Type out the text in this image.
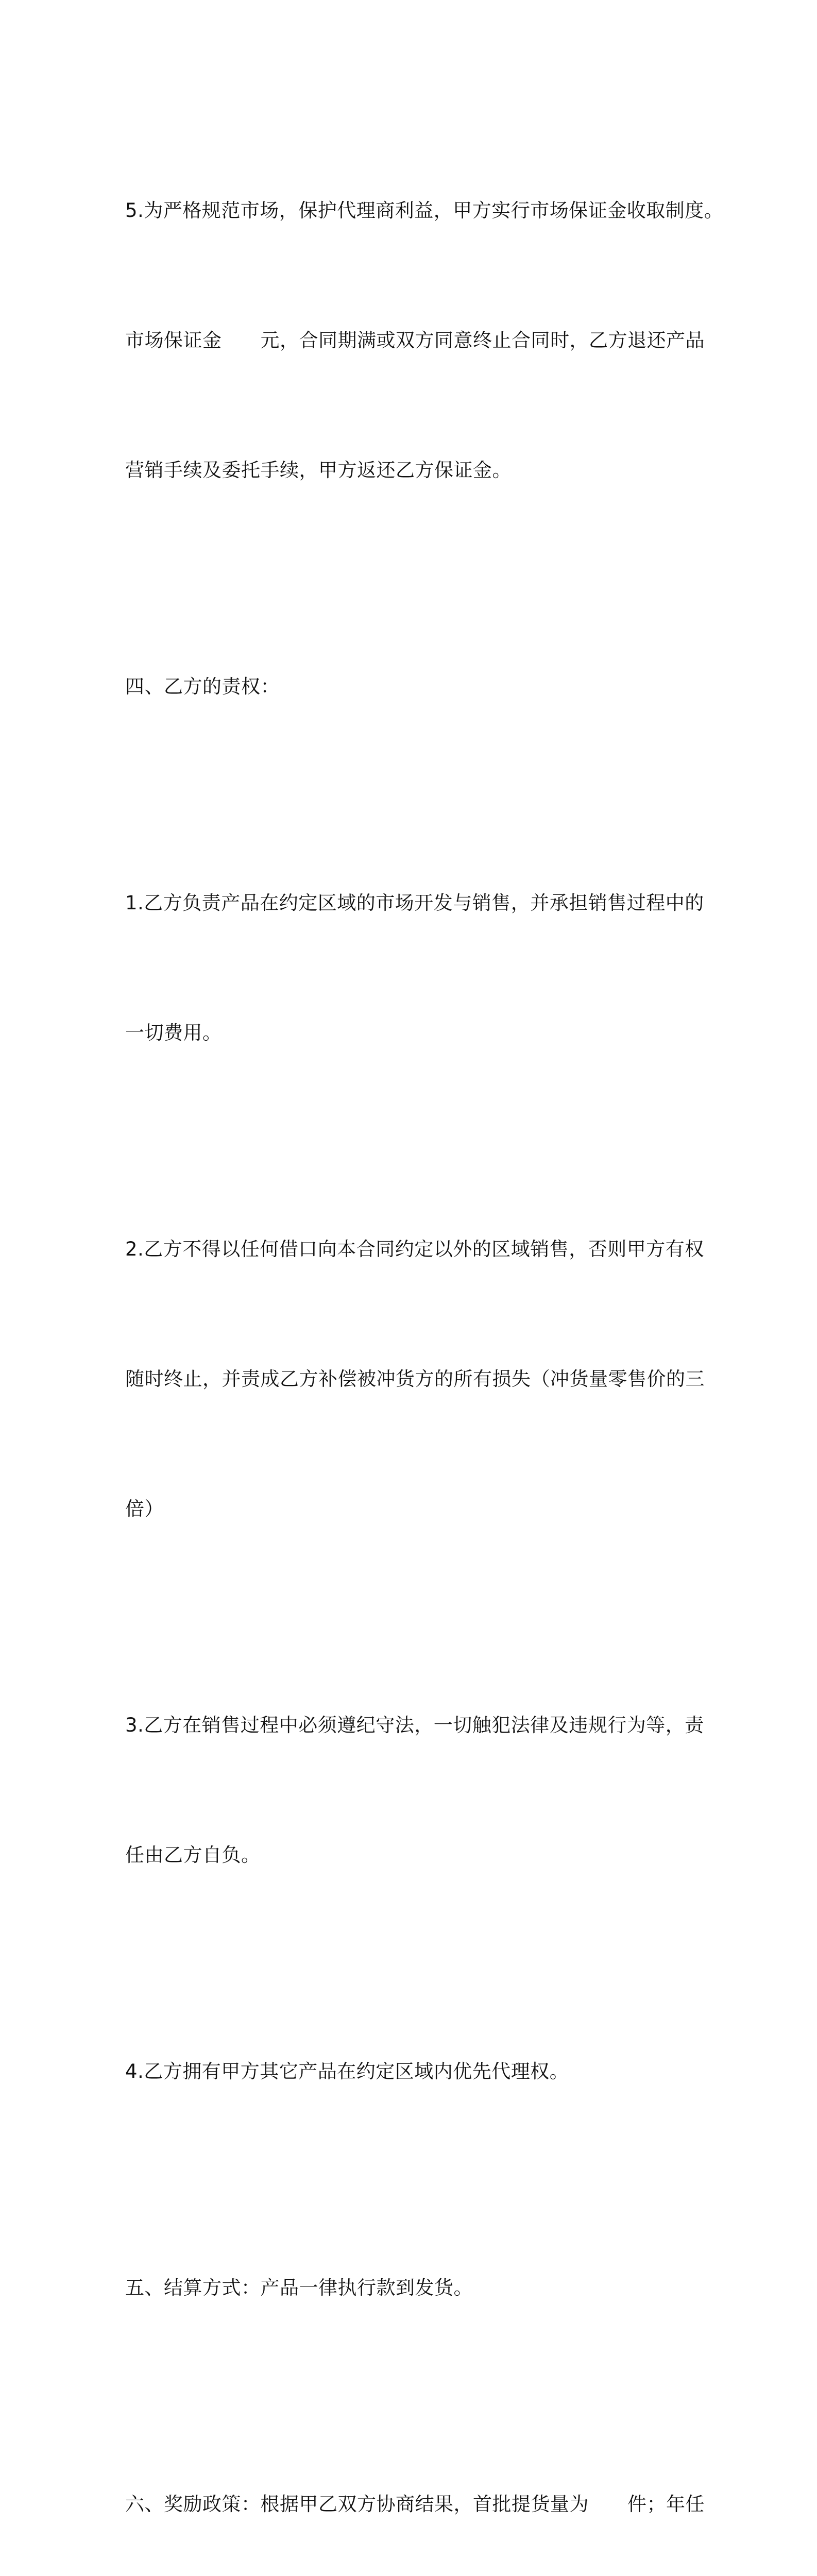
5.为严格规范市场，保护代理商利益，甲方实行市场保证金收取制度。

市场保证金　　元，合同期满或双方同意终止合同时，乙方退还产品

营销手续及委托手续，甲方返还乙方保证金。

四、乙方的责权：

1.乙方负责产品在约定区域的市场开发与销售，并承担销售过程中的

一切费用。

2.乙方不得以任何借口向本合同约定以外的区域销售，否则甲方有权

随时终止，并责成乙方补偿被冲货方的所有损失（冲货量零售价的三

倍）

3.乙方在销售过程中必须遵纪守法，一切触犯法律及违规行为等，责

任由乙方自负。

4.乙方拥有甲方其它产品在约定区域内优先代理权。

五、结算方式：产品一律执行款到发货。

六、奖励政策：根据甲乙双方协商结果，首批提货量为　　件；年任
